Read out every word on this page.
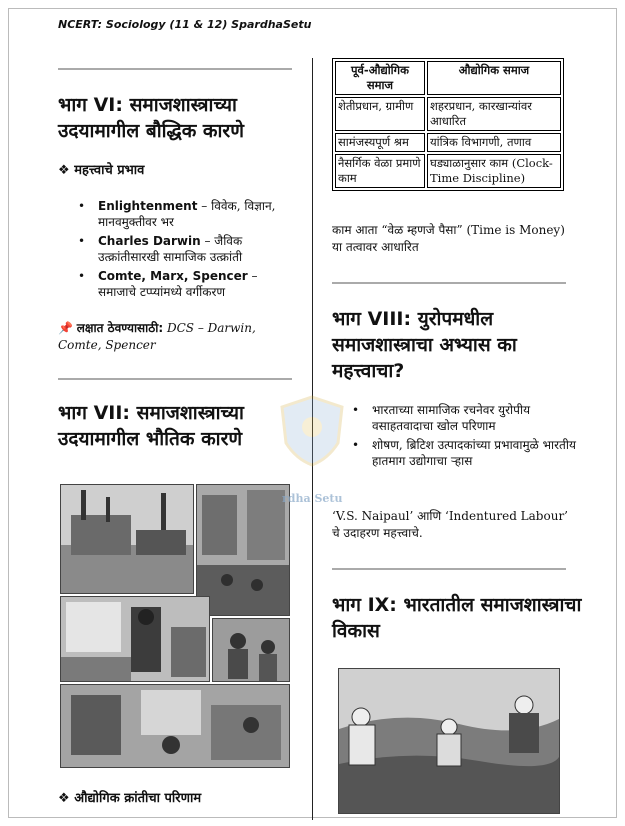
NCERT: Sociology (11 & 12) SpardhaSetu
भाग VI: समाजशास्त्राच्या उदयामागील बौद्धिक कारणे
❖ महत्त्वाचे प्रभाव
• Enlightenment – विवेक, विज्ञान, मानवमुक्तीवर भर
• Charles Darwin – जैविक उत्क्रांतीसारखी सामाजिक उत्क्रांती
• Comte, Marx, Spencer – समाजाचे टप्प्यांमध्ये वर्गीकरण
📌 लक्षात ठेवण्यासाठी: DCS – Darwin, Comte, Spencer
भाग VII: समाजशास्त्राच्या उदयामागील भौतिक कारणे
❖ औद्योगिक क्रांतीचा परिणाम
पूर्व-औद्योगिक समाज	औद्योगिक समाज
शेतीप्रधान, ग्रामीण	शहरप्रधान, कारखान्यांवर आधारित
सामंजस्यपूर्ण श्रम	यांत्रिक विभागणी, तणाव
नैसर्गिक वेळा प्रमाणे काम	घड्याळानुसार काम (Clock-Time Discipline)
काम आता “वेळ म्हणजे पैसा” (Time is Money) या तत्वावर आधारित
भाग VIII: युरोपमधील समाजशास्त्राचा अभ्यास का महत्त्वाचा?
• भारताच्या सामाजिक रचनेवर युरोपीय वसाहतवादाचा खोल परिणाम
• शोषण, ब्रिटिश उत्पादकांच्या प्रभावामुळे भारतीय हातमाग उद्योगाचा ऱ्हास
‘V.S. Naipaul’ आणि ‘Indentured Labour’ चे उदाहरण महत्त्वाचे.
भाग IX: भारतातील समाजशास्त्राचा विकास
rdha Setu
